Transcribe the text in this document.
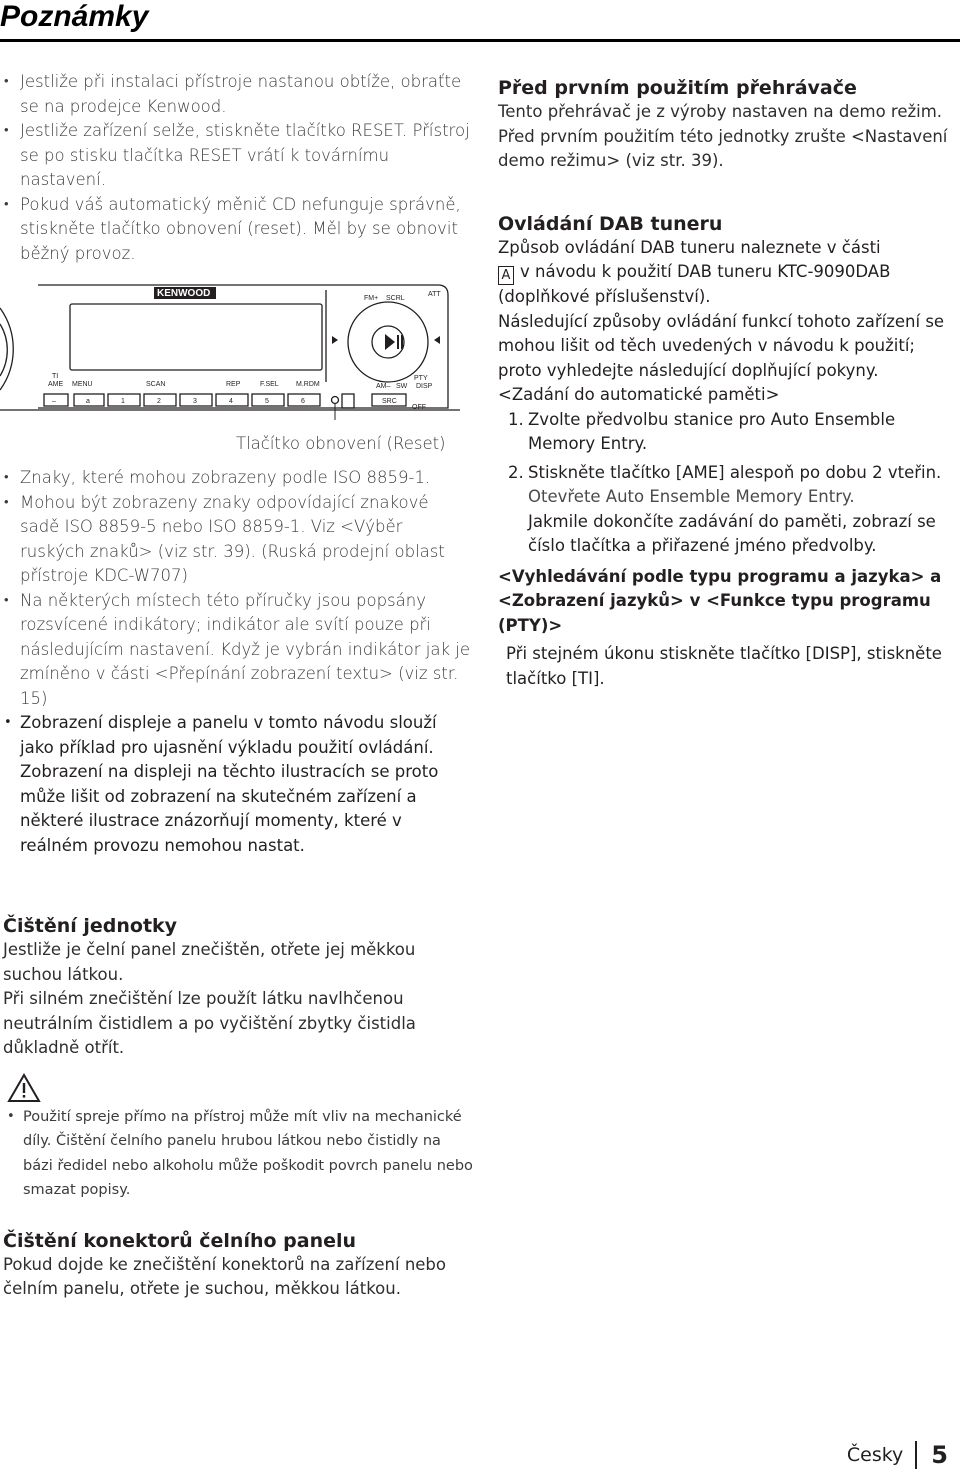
Poznámky
• Jestliže při instalaci přístroje nastanou obtíže, obraťte se na prodejce Kenwood.
• Jestliže zařízení selže, stiskněte tlačítko RESET. Přístroj se po stisku tlačítka RESET vrátí k továrnímu nastavení.
• Pokud váš automatický měnič CD nefunguje správně, stiskněte tlačítko obnovení (reset). Měl by se obnovit běžný provoz.
KENWOOD	FM+ SCRL
ATT
TI
AME MENU	SCAN	REP	F.SEL M.RDM	AM– SW
PTY
DISP
SRC
OFF
–	a	1	2	3	4	5	6
Tlačítko obnovení (Reset)
• Znaky, které mohou zobrazeny podle ISO 8859-1.
• Mohou být zobrazeny znaky odpovídající znakové sadě ISO 8859-5 nebo ISO 8859-1. Viz <Výběr ruských znaků> (viz str. 39). (Ruská prodejní oblast přístroje KDC-W707)
• Na některých místech této příručky jsou popsány rozsvícené indikátory; indikátor ale svítí pouze při následujícím nastavení. Když je vybrán indikátor jak je zmíněno v části <Přepínání zobrazení textu> (viz str. 15)
• Zobrazení displeje a panelu v tomto návodu slouží jako příklad pro ujasnění výkladu použití ovládání. Zobrazení na displeji na těchto ilustracích se proto může lišit od zobrazení na skutečném zařízení a některé ilustrace znázorňují momenty, které v reálném provozu nemohou nastat.
Čištění jednotky
Jestliže je čelní panel znečištěn, otřete jej měkkou suchou látkou.
Při silném znečištění lze použít látku navlhčenou neutrálním čistidlem a po vyčištění zbytky čistidla důkladně otřít.
• Použití spreje přímo na přístroj může mít vliv na mechanické díly. Čištění čelního panelu hrubou látkou nebo čistidly na bázi ředidel nebo alkoholu může poškodit povrch panelu nebo smazat popisy.
Čištění konektorů čelního panelu
Pokud dojde ke znečištění konektorů na zařízení nebo čelním panelu, otřete je suchou, měkkou látkou.
Před prvním použitím přehrávače
Tento přehrávač je z výroby nastaven na demo režim.
Před prvním použitím této jednotky zrušte <Nastavení demo režimu> (viz str. 39).
Ovládání DAB tuneru
Způsob ovládání DAB tuneru naleznete v části
A v návodu k použití DAB tuneru KTC-9090DAB (doplňkové příslušenství).
Následující způsoby ovládání funkcí tohoto zařízení se mohou lišit od těch uvedených v návodu k použití; proto vyhledejte následující doplňující pokyny.
<Zadání do automatické paměti>
1. Zvolte předvolbu stanice pro Auto Ensemble Memory Entry.
2. Stiskněte tlačítko [AME] alespoň po dobu 2 vteřin.
Otevřete Auto Ensemble Memory Entry.
Jakmile dokončíte zadávání do paměti, zobrazí se číslo tlačítka a přiřazené jméno předvolby.
<Vyhledávání podle typu programu a jazyka> a <Zobrazení jazyků> v <Funkce typu programu (PTY)>
Při stejném úkonu stiskněte tlačítko [DISP], stiskněte tlačítko [TI].
Česky 5
